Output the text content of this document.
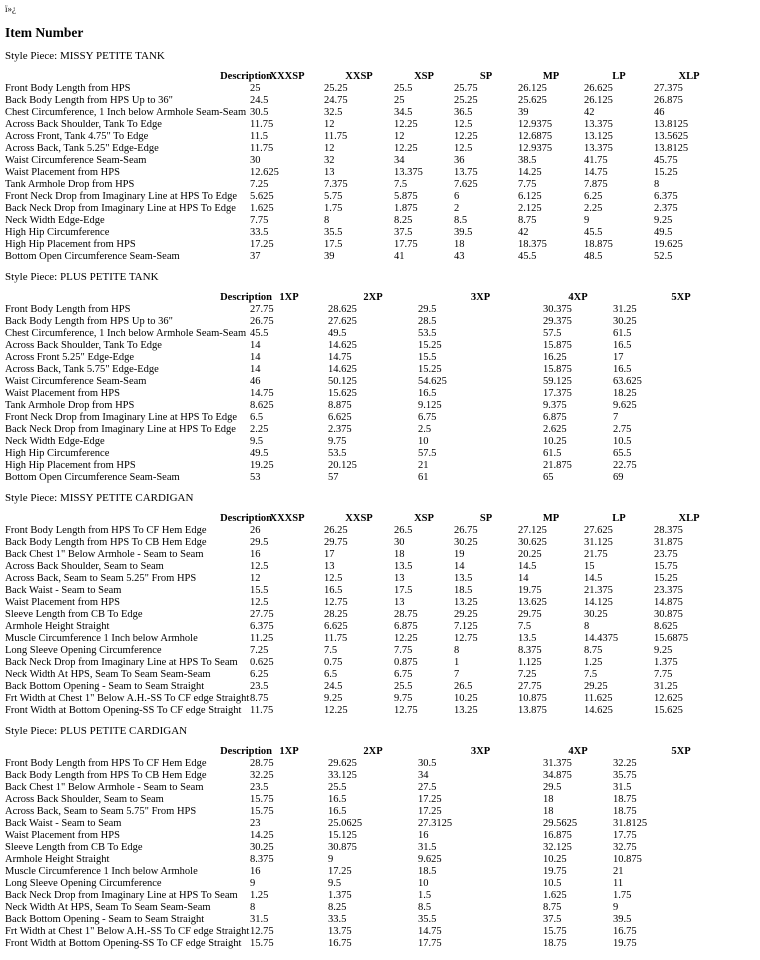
ï»¿

Item Number

Style Piece: MISSY PETITE TANK

Description	XXXSP	XXSP	XSP	SP	MP	LP	XLP
Front Body Length from HPS	25	25.25	25.5	25.75	26.125	26.625	27.375
Back Body Length from HPS Up to 36"	24.5	24.75	25	25.25	25.625	26.125	26.875
Chest Circumference, 1 Inch below Armhole Seam-Seam	30.5	32.5	34.5	36.5	39	42	46
Across Back Shoulder, Tank To Edge	11.75	12	12.25	12.5	12.9375	13.375	13.8125
Across Front, Tank 4.75" To Edge	11.5	11.75	12	12.25	12.6875	13.125	13.5625
Across Back, Tank 5.25" Edge-Edge	11.75	12	12.25	12.5	12.9375	13.375	13.8125
Waist Circumference Seam-Seam	30	32	34	36	38.5	41.75	45.75
Waist Placement from HPS	12.625	13	13.375	13.75	14.25	14.75	15.25
Tank Armhole Drop from HPS	7.25	7.375	7.5	7.625	7.75	7.875	8
Front Neck Drop from Imaginary Line at HPS To Edge	5.625	5.75	5.875	6	6.125	6.25	6.375
Back Neck Drop from Imaginary Line at HPS To Edge	1.625	1.75	1.875	2	2.125	2.25	2.375
Neck Width Edge-Edge	7.75	8	8.25	8.5	8.75	9	9.25
High Hip Circumference	33.5	35.5	37.5	39.5	42	45.5	49.5
High Hip Placement from HPS	17.25	17.5	17.75	18	18.375	18.875	19.625
Bottom Open Circumference Seam-Seam	37	39	41	43	45.5	48.5	52.5

Style Piece: PLUS PETITE TANK

Description	1XP	2XP	3XP	4XP	5XP
Front Body Length from HPS	27.75	28.625	29.5	30.375	31.25
Back Body Length from HPS Up to 36"	26.75	27.625	28.5	29.375	30.25
Chest Circumference, 1 Inch below Armhole Seam-Seam	45.5	49.5	53.5	57.5	61.5
Across Back Shoulder, Tank To Edge	14	14.625	15.25	15.875	16.5
Across Front 5.25" Edge-Edge	14	14.75	15.5	16.25	17
Across Back, Tank 5.75" Edge-Edge	14	14.625	15.25	15.875	16.5
Waist Circumference Seam-Seam	46	50.125	54.625	59.125	63.625
Waist Placement from HPS	14.75	15.625	16.5	17.375	18.25
Tank Armhole Drop from HPS	8.625	8.875	9.125	9.375	9.625
Front Neck Drop from Imaginary Line at HPS To Edge	6.5	6.625	6.75	6.875	7
Back Neck Drop from Imaginary Line at HPS To Edge	2.25	2.375	2.5	2.625	2.75
Neck Width Edge-Edge	9.5	9.75	10	10.25	10.5
High Hip Circumference	49.5	53.5	57.5	61.5	65.5
High Hip Placement from HPS	19.25	20.125	21	21.875	22.75
Bottom Open Circumference Seam-Seam	53	57	61	65	69

Style Piece: MISSY PETITE CARDIGAN

Description	XXXSP	XXSP	XSP	SP	MP	LP	XLP
Front Body Length from HPS To CF Hem Edge	26	26.25	26.5	26.75	27.125	27.625	28.375
Back Body Length from HPS To CB Hem Edge	29.5	29.75	30	30.25	30.625	31.125	31.875
Back Chest 1" Below Armhole - Seam to Seam	16	17	18	19	20.25	21.75	23.75
Across Back Shoulder, Seam to Seam	12.5	13	13.5	14	14.5	15	15.75
Across Back, Seam to Seam 5.25" From HPS	12	12.5	13	13.5	14	14.5	15.25
Back Waist - Seam to Seam	15.5	16.5	17.5	18.5	19.75	21.375	23.375
Waist Placement from HPS	12.5	12.75	13	13.25	13.625	14.125	14.875
Sleeve Length from CB To Edge	27.75	28.25	28.75	29.25	29.75	30.25	30.875
Armhole Height Straight	6.375	6.625	6.875	7.125	7.5	8	8.625
Muscle Circumference 1 Inch below Armhole	11.25	11.75	12.25	12.75	13.5	14.4375	15.6875
Long Sleeve Opening Circumference	7.25	7.5	7.75	8	8.375	8.75	9.25
Back Neck Drop from Imaginary Line at HPS To Seam	0.625	0.75	0.875	1	1.125	1.25	1.375
Neck Width At HPS, Seam To Seam Seam-Seam	6.25	6.5	6.75	7	7.25	7.5	7.75
Back Bottom Opening - Seam to Seam Straight	23.5	24.5	25.5	26.5	27.75	29.25	31.25
Frt Width at Chest 1" Below A.H.-SS To CF edge Straight	8.75	9.25	9.75	10.25	10.875	11.625	12.625
Front Width at Bottom Opening-SS To CF edge Straight	11.75	12.25	12.75	13.25	13.875	14.625	15.625

Style Piece: PLUS PETITE CARDIGAN

Description	1XP	2XP	3XP	4XP	5XP
Front Body Length from HPS To CF Hem Edge	28.75	29.625	30.5	31.375	32.25
Back Body Length from HPS To CB Hem Edge	32.25	33.125	34	34.875	35.75
Back Chest 1" Below Armhole - Seam to Seam	23.5	25.5	27.5	29.5	31.5
Across Back Shoulder, Seam to Seam	15.75	16.5	17.25	18	18.75
Across Back, Seam to Seam 5.75" From HPS	15.75	16.5	17.25	18	18.75
Back Waist - Seam to Seam	23	25.0625	27.3125	29.5625	31.8125
Waist Placement from HPS	14.25	15.125	16	16.875	17.75
Sleeve Length from CB To Edge	30.25	30.875	31.5	32.125	32.75
Armhole Height Straight	8.375	9	9.625	10.25	10.875
Muscle Circumference 1 Inch below Armhole	16	17.25	18.5	19.75	21
Long Sleeve Opening Circumference	9	9.5	10	10.5	11
Back Neck Drop from Imaginary Line at HPS To Seam	1.25	1.375	1.5	1.625	1.75
Neck Width At HPS, Seam To Seam Seam-Seam	8	8.25	8.5	8.75	9
Back Bottom Opening - Seam to Seam Straight	31.5	33.5	35.5	37.5	39.5
Frt Width at Chest 1" Below A.H.-SS To CF edge Straight	12.75	13.75	14.75	15.75	16.75
Front Width at Bottom Opening-SS To CF edge Straight	15.75	16.75	17.75	18.75	19.75
